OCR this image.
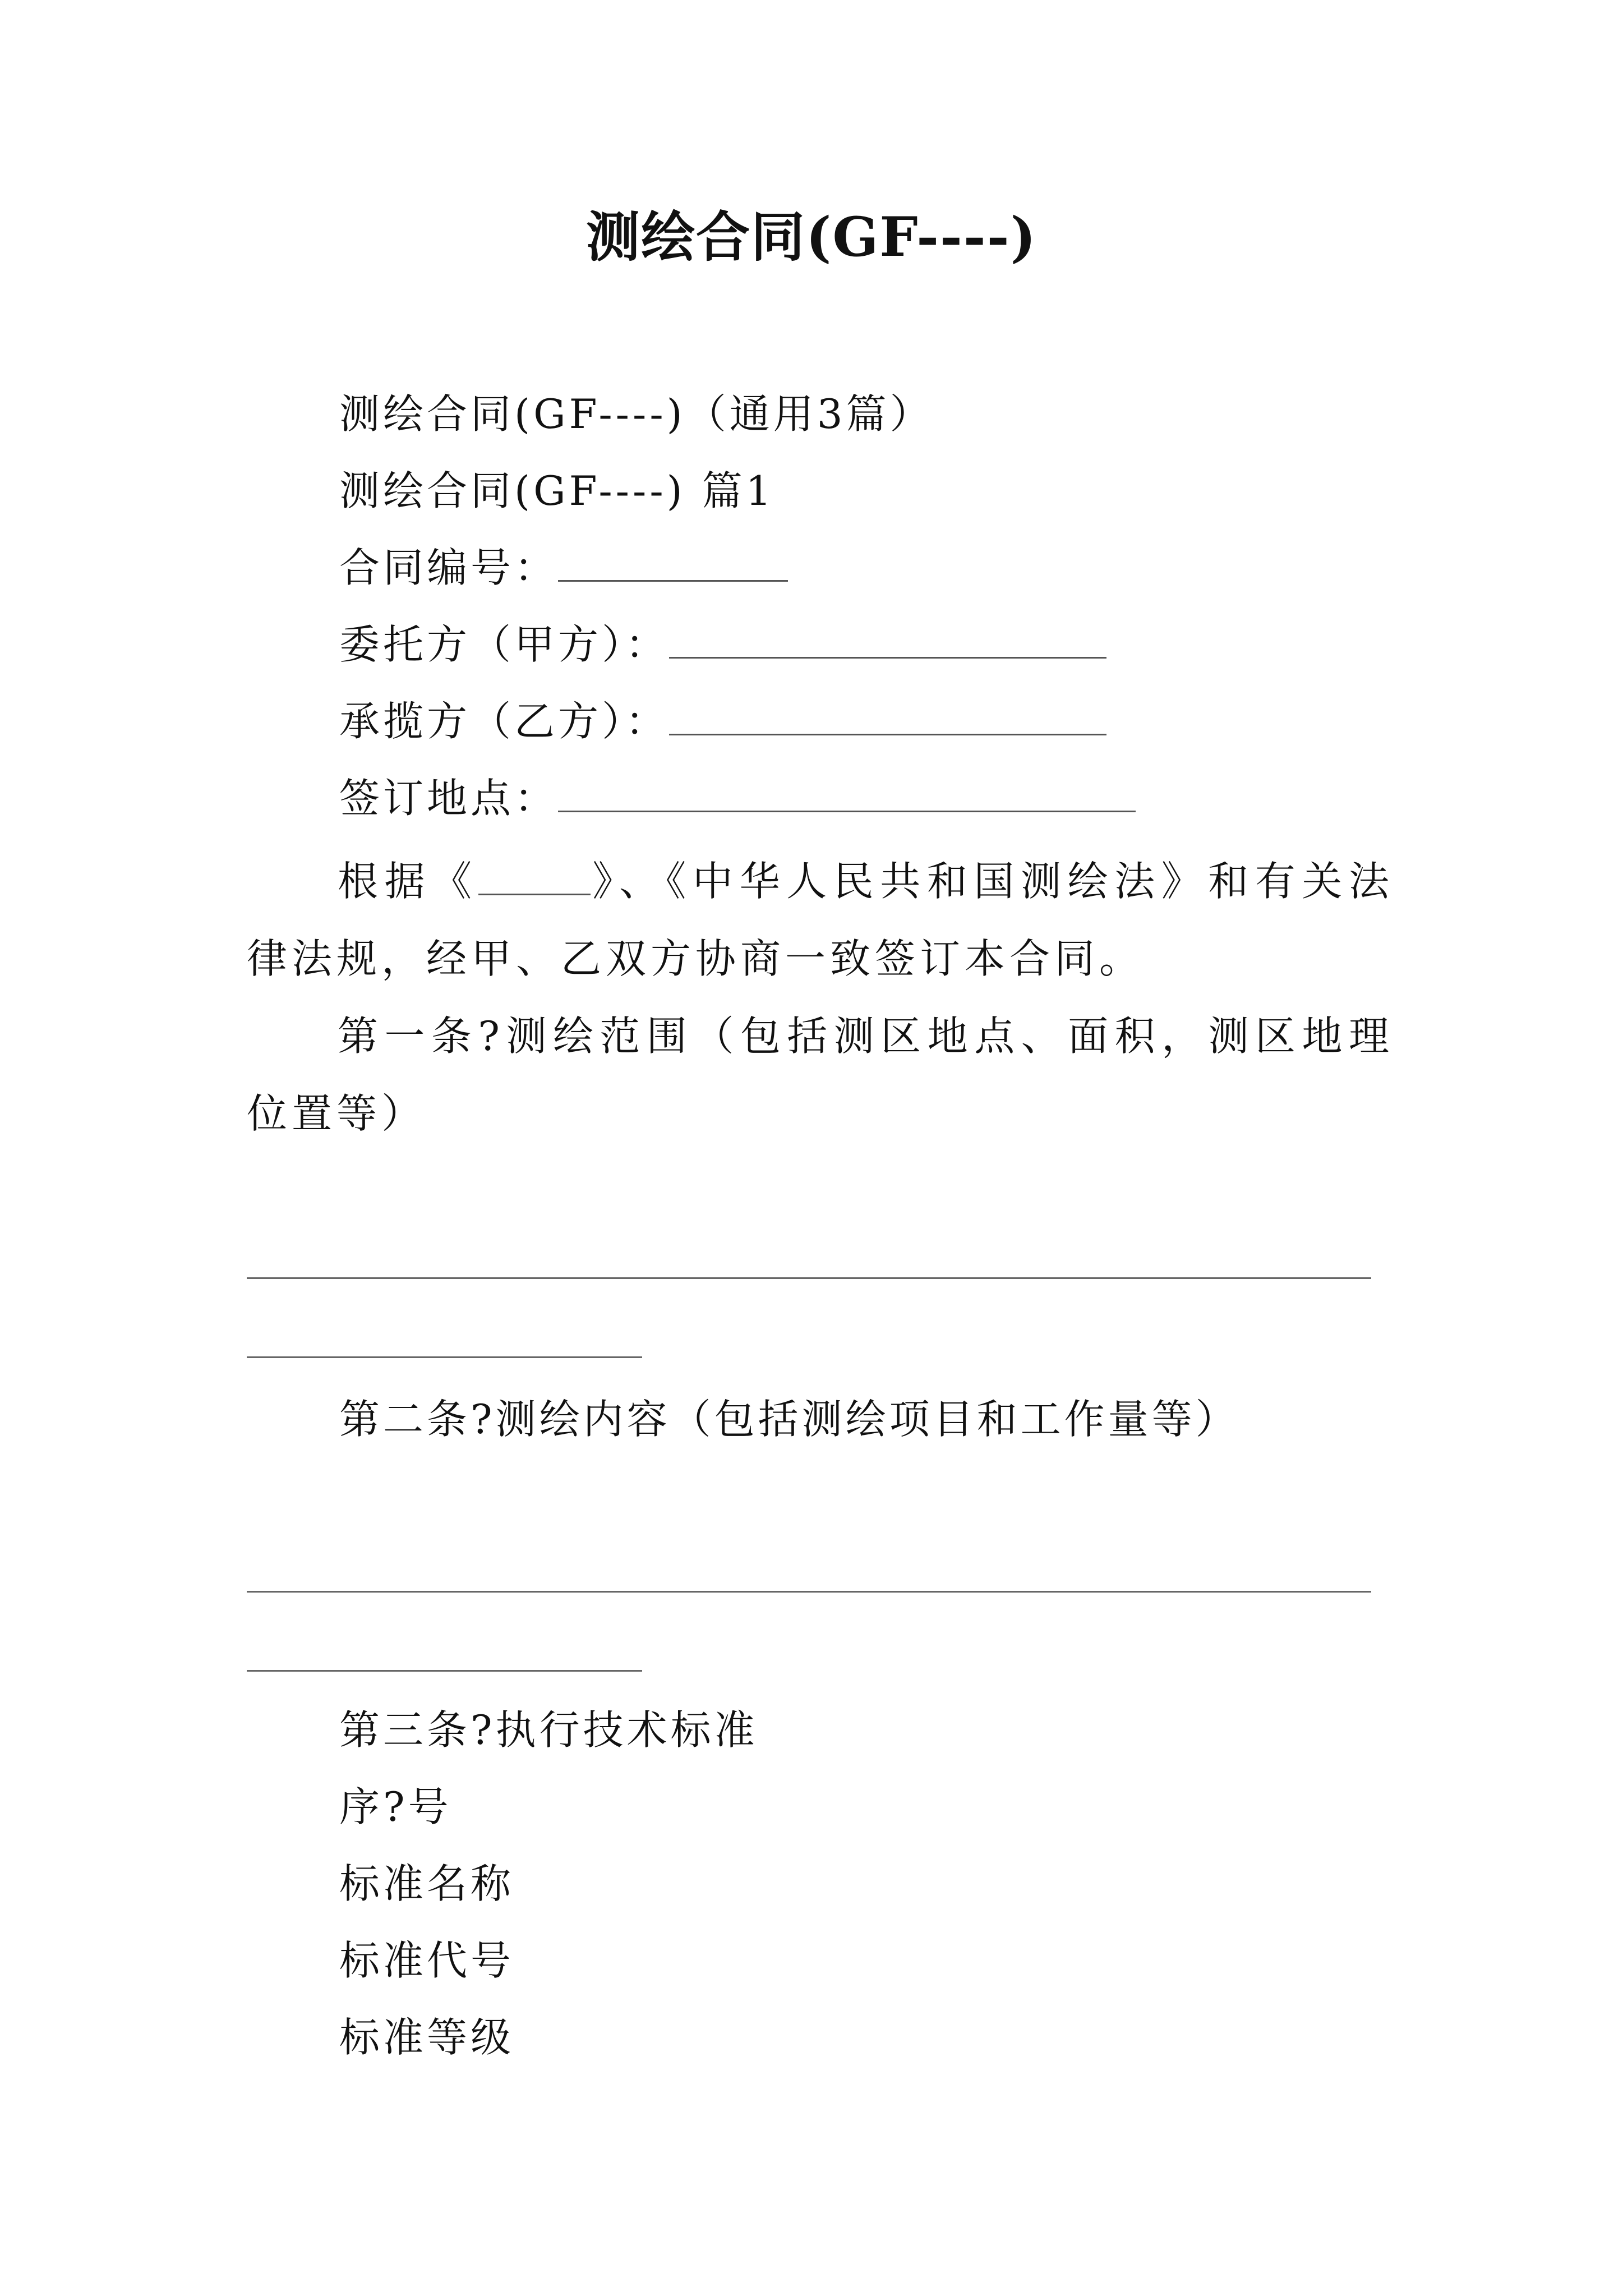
测绘合同(GF----)
测绘合同(GF----)（通用3篇）
测绘合同(GF----) 篇1
合同编号：
委托方（甲方）：
承揽方（乙方）：
签订地点：

根据《	》、《中华人民共和国测绘法》和有关法律法规，经甲、乙双方协商一致签订本合同。

第一条?测绘范围（包括测区地点、面积，测区地理位置等）

第二条?测绘内容（包括测绘项目和工作量等）
第三条?执行技术标准
序?号
标准名称
标准代号
标准等级
